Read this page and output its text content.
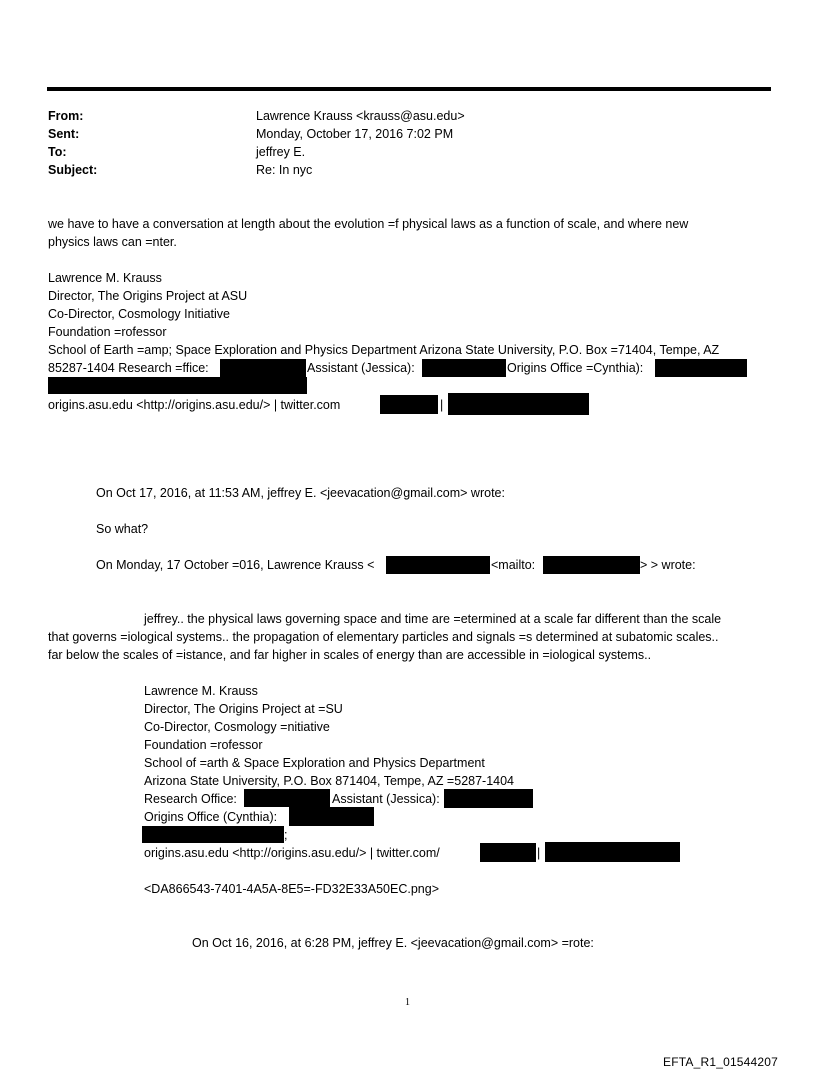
From:	Lawrence Krauss <krauss@asu.edu>
Sent:	Monday, October 17, 2016 7:02 PM
To:	jeffrey E.
Subject:	Re: In nyc
we have to have a conversation at length about the evolution =f physical laws as a function of scale, and where new
physics laws can =nter.
Lawrence M. Krauss
Director, The Origins Project at ASU
Co-Director, Cosmology Initiative
Foundation =rofessor
School of Earth =amp; Space Exploration and Physics Department Arizona State University, P.O. Box =71404, Tempe, AZ
85287-1404 Research =ffice:	Assistant (Jessica):	Origins Office =Cynthia):
origins.asu.edu <http://origins.asu.edu/> | twitter.com	|
On Oct 17, 2016, at 11:53 AM, jeffrey E. <jeevacation@gmail.com> wrote:
So what?
On Monday, 17 October =016, Lawrence Krauss <	<mailto:	> > wrote:
jeffrey.. the physical laws governing space and time are =etermined at a scale far different than the scale
that governs =iological systems.. the propagation of elementary particles and signals =s determined at subatomic scales..
far below the scales of =istance, and far higher in scales of energy than are accessible in =iological systems..
Lawrence M. Krauss
Director, The Origins Project at =SU
Co-Director, Cosmology =nitiative
Foundation =rofessor
School of =arth & Space Exploration and Physics Department
Arizona State University, P.O. Box 871404, Tempe, AZ =5287-1404
Research Office:	Assistant (Jessica):
Origins Office (Cynthia):
;
origins.asu.edu <http://origins.asu.edu/> | twitter.com/	|
<DA866543-7401-4A5A-8E5=-FD32E33A50EC.png>
On Oct 16, 2016, at 6:28 PM, jeffrey E. <jeevacation@gmail.com> =rote:
1
EFTA_R1_01544207
